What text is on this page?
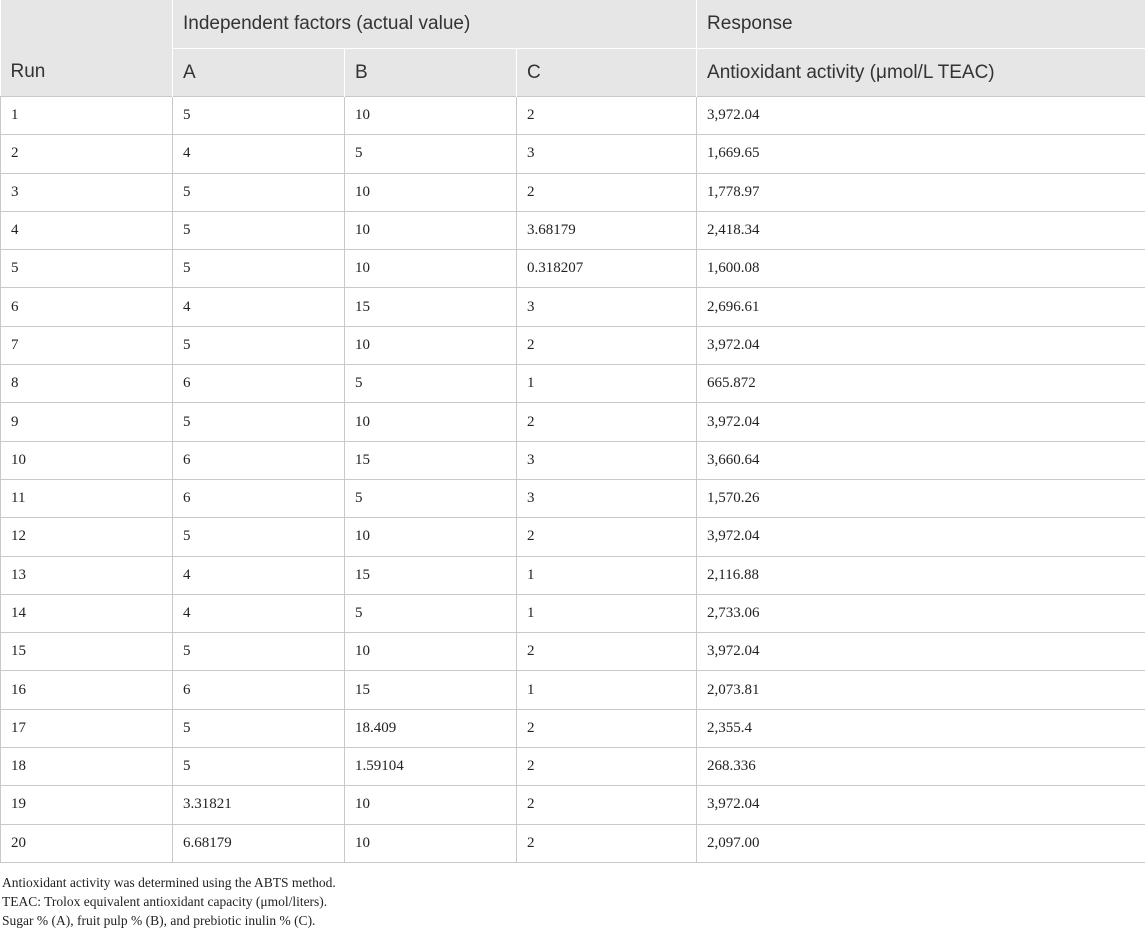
	Independent factors (actual value)			Response
Run	A	B	C	Antioxidant activity (μmol/L TEAC)
1	5	10	2	3,972.04
2	4	5	3	1,669.65
3	5	10	2	1,778.97
4	5	10	3.68179	2,418.34
5	5	10	0.318207	1,600.08
6	4	15	3	2,696.61
7	5	10	2	3,972.04
8	6	5	1	665.872
9	5	10	2	3,972.04
10	6	15	3	3,660.64
11	6	5	3	1,570.26
12	5	10	2	3,972.04
13	4	15	1	2,116.88
14	4	5	1	2,733.06
15	5	10	2	3,972.04
16	6	15	1	2,073.81
17	5	18.409	2	2,355.4
18	5	1.59104	2	268.336
19	3.31821	10	2	3,972.04
20	6.68179	10	2	2,097.00
Antioxidant activity was determined using the ABTS method.
TEAC: Trolox equivalent antioxidant capacity (μmol/liters).
Sugar % (A), fruit pulp % (B), and prebiotic inulin % (C).
